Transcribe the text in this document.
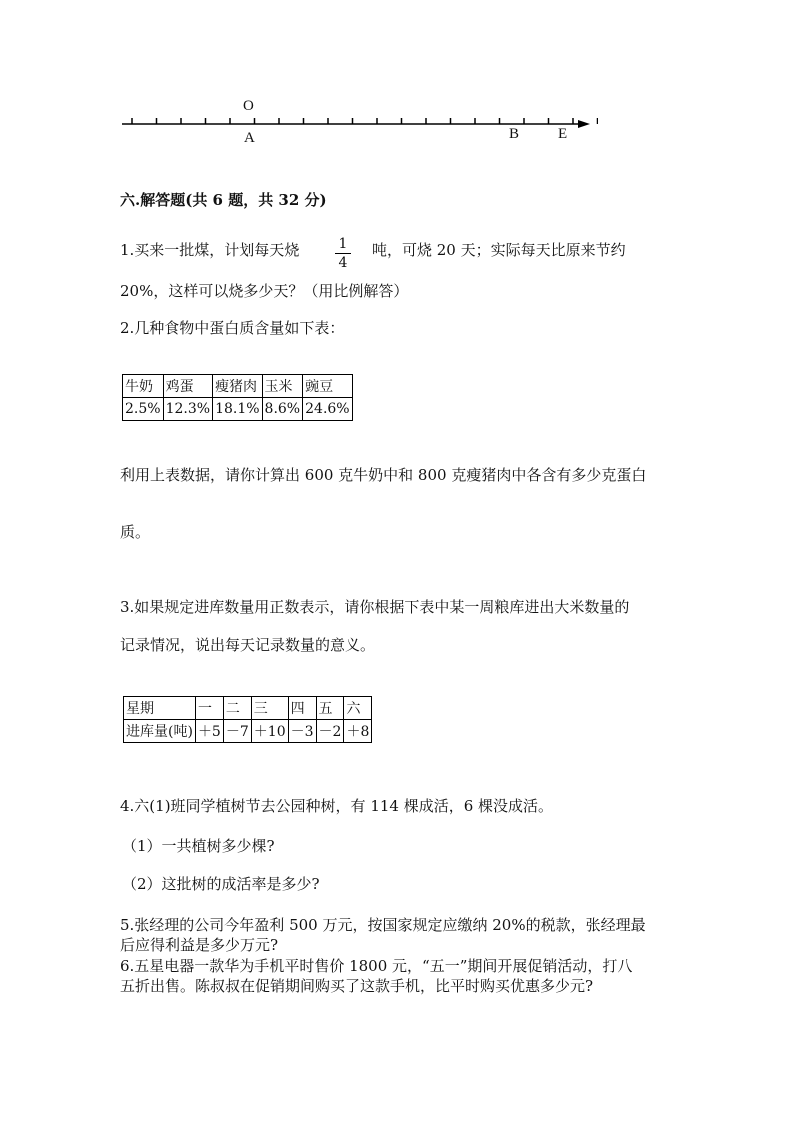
O
A	B	E
六.解答题(共 6 题，共 32 分)
1.买来一批煤，计划每天烧	1
4
吨，可烧 20 天；实际每天比原来节约
20%，这样可以烧多少天？（用比例解答）
2.几种食物中蛋白质含量如下表：
牛奶	鸡蛋	瘦猪肉	玉米	豌豆
2.5%	12.3%	18.1%	8.6%	24.6%
利用上表数据，请你计算出 600 克牛奶中和 800 克瘦猪肉中各含有多少克蛋白
质。
3.如果规定进库数量用正数表示，请你根据下表中某一周粮库进出大米数量的
记录情况，说出每天记录数量的意义。
星期	一	二	三	四	五	六
进库量(吨)	＋5	－7	＋10	－3	－2	＋8
4.六(1)班同学植树节去公园种树，有 114 棵成活，6 棵没成活。
（1）一共植树多少棵?
（2）这批树的成活率是多少?
5.张经理的公司今年盈利 500 万元，按国家规定应缴纳 20%的税款，张经理最
后应得利益是多少万元?
6.五星电器一款华为手机平时售价 1800 元，“五一”期间开展促销活动，打八
五折出售。陈叔叔在促销期间购买了这款手机，比平时购买优惠多少元?
